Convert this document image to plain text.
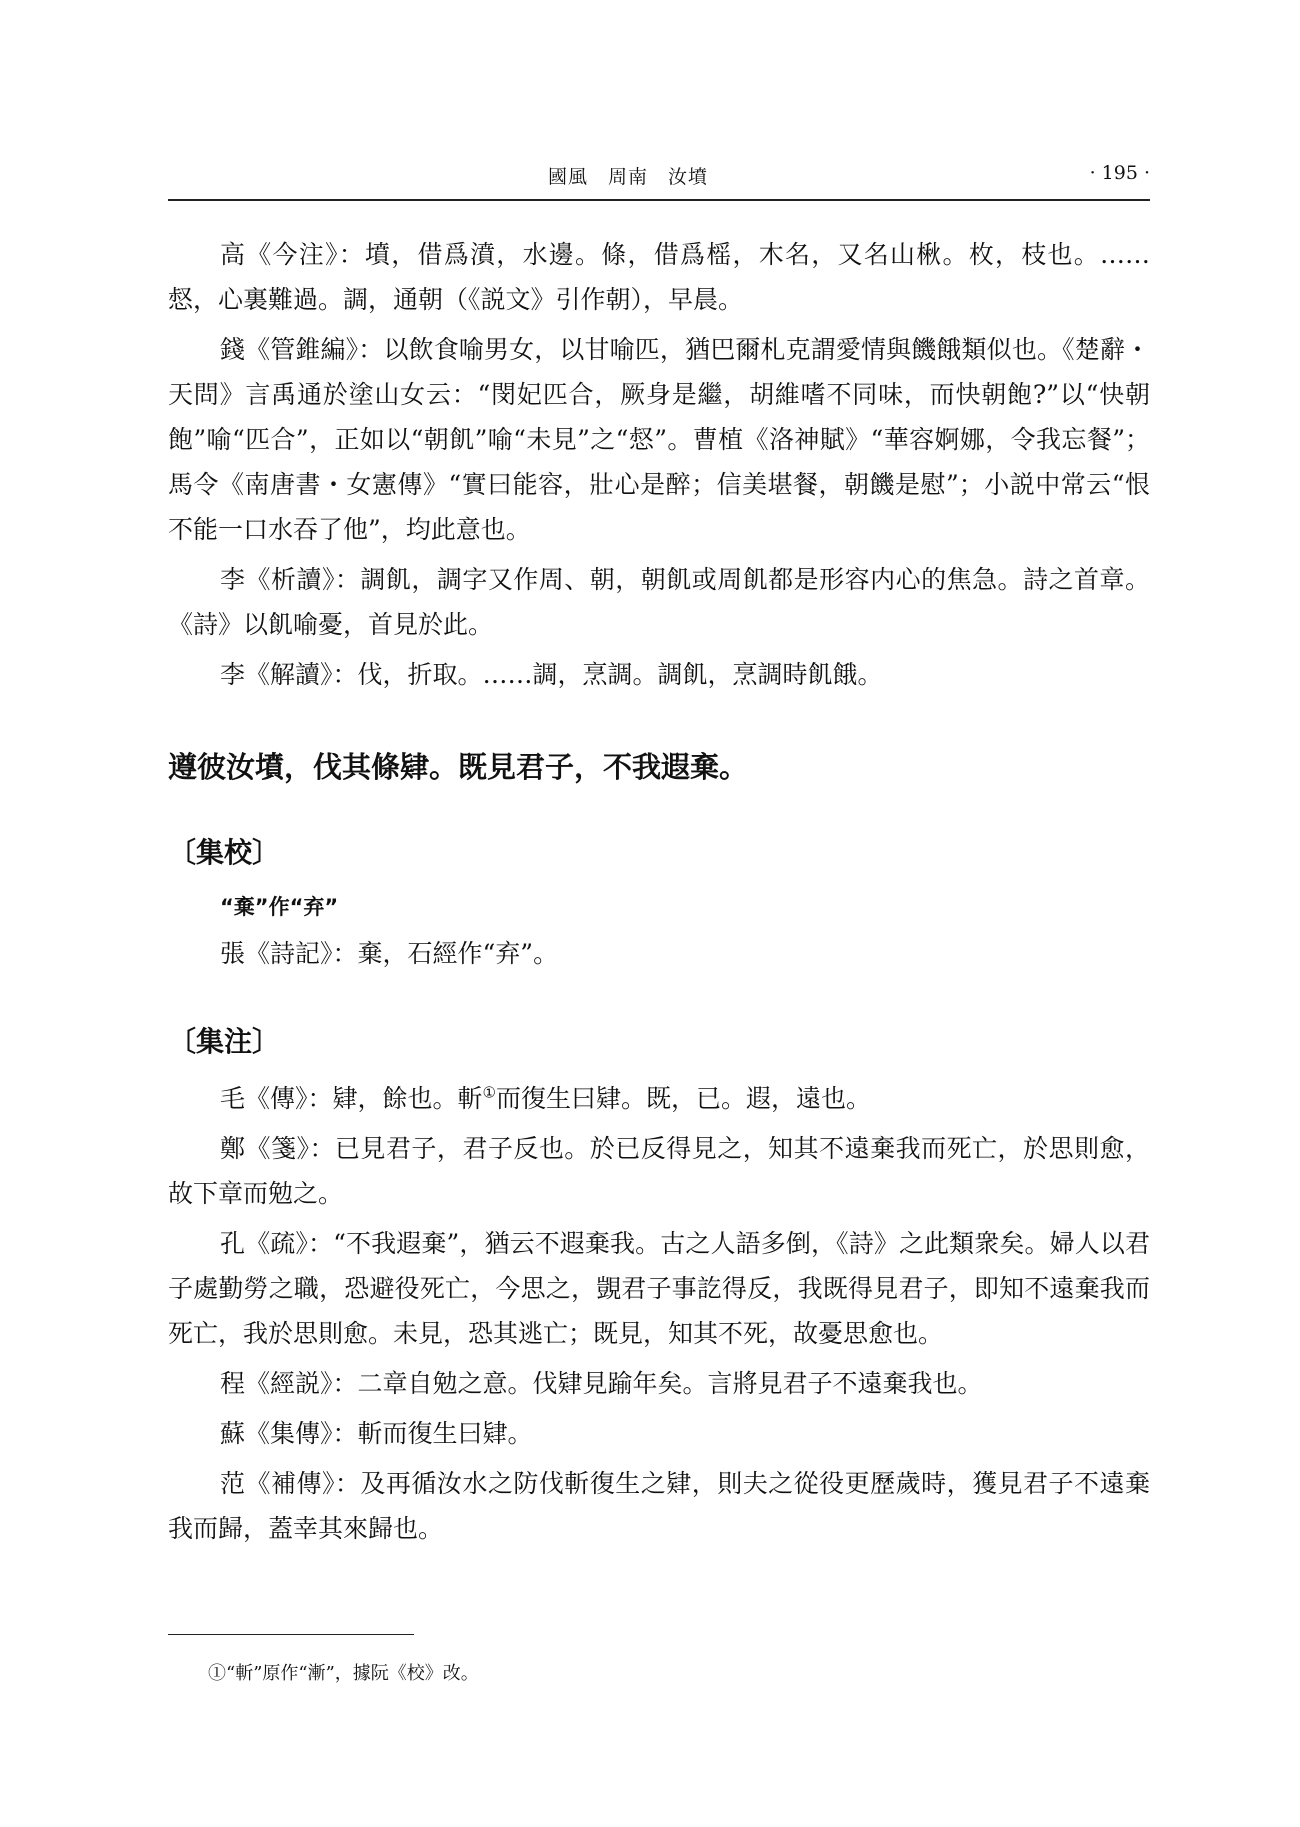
國風　周南　汝墳	· 195 ·

高《今注》：墳，借爲濆，水邊。條，借爲榣，木名，又名山楸。枚，枝也。……惄，心裏難過。調，通朝（《説文》引作朝），早晨。

錢《管錐編》：以飲食喻男女，以甘喻匹，猶巴爾札克謂愛情與饑餓類似也。《楚辭・天問》言禹通於塗山女云：“閔妃匹合，厥身是繼，胡維嗜不同味，而快朝飽?”以“快朝飽”喻“匹合”，正如以“朝飢”喻“未見”之“惄”。曹植《洛神賦》“華容婀娜，令我忘餐”；馬令《南唐書・女憲傳》“實曰能容，壯心是醉；信美堪餐，朝饑是慰”；小説中常云“恨不能一口水吞了他”，均此意也。

李《析讀》：調飢，調字又作周、朝，朝飢或周飢都是形容内心的焦急。詩之首章。《詩》以飢喻憂，首見於此。

李《解讀》：伐，折取。……調，烹調。調飢，烹調時飢餓。

遵彼汝墳，伐其條肄。既見君子，不我遐棄。
〔集校〕
“棄”作“弃”

張《詩記》：棄，石經作“弃”。

〔集注〕

毛《傳》：肄，餘也。斬①而復生曰肄。既，已。遐，遠也。

鄭《箋》：已見君子，君子反也。於已反得見之，知其不遠棄我而死亡，於思則愈，故下章而勉之。

孔《疏》：“不我遐棄”，猶云不遐棄我。古之人語多倒，《詩》之此類衆矣。婦人以君子處勤勞之職，恐避役死亡，今思之，覬君子事訖得反，我既得見君子，即知不遠棄我而死亡，我於思則愈。未見，恐其逃亡；既見，知其不死，故憂思愈也。

程《經説》：二章自勉之意。伐肄見踰年矣。言將見君子不遠棄我也。

蘇《集傳》：斬而復生曰肄。

范《補傳》：及再循汝水之防伐斬復生之肄，則夫之從役更歷歲時，獲見君子不遠棄我而歸，蓋幸其來歸也。

①“斬”原作“漸”，據阮《校》改。
